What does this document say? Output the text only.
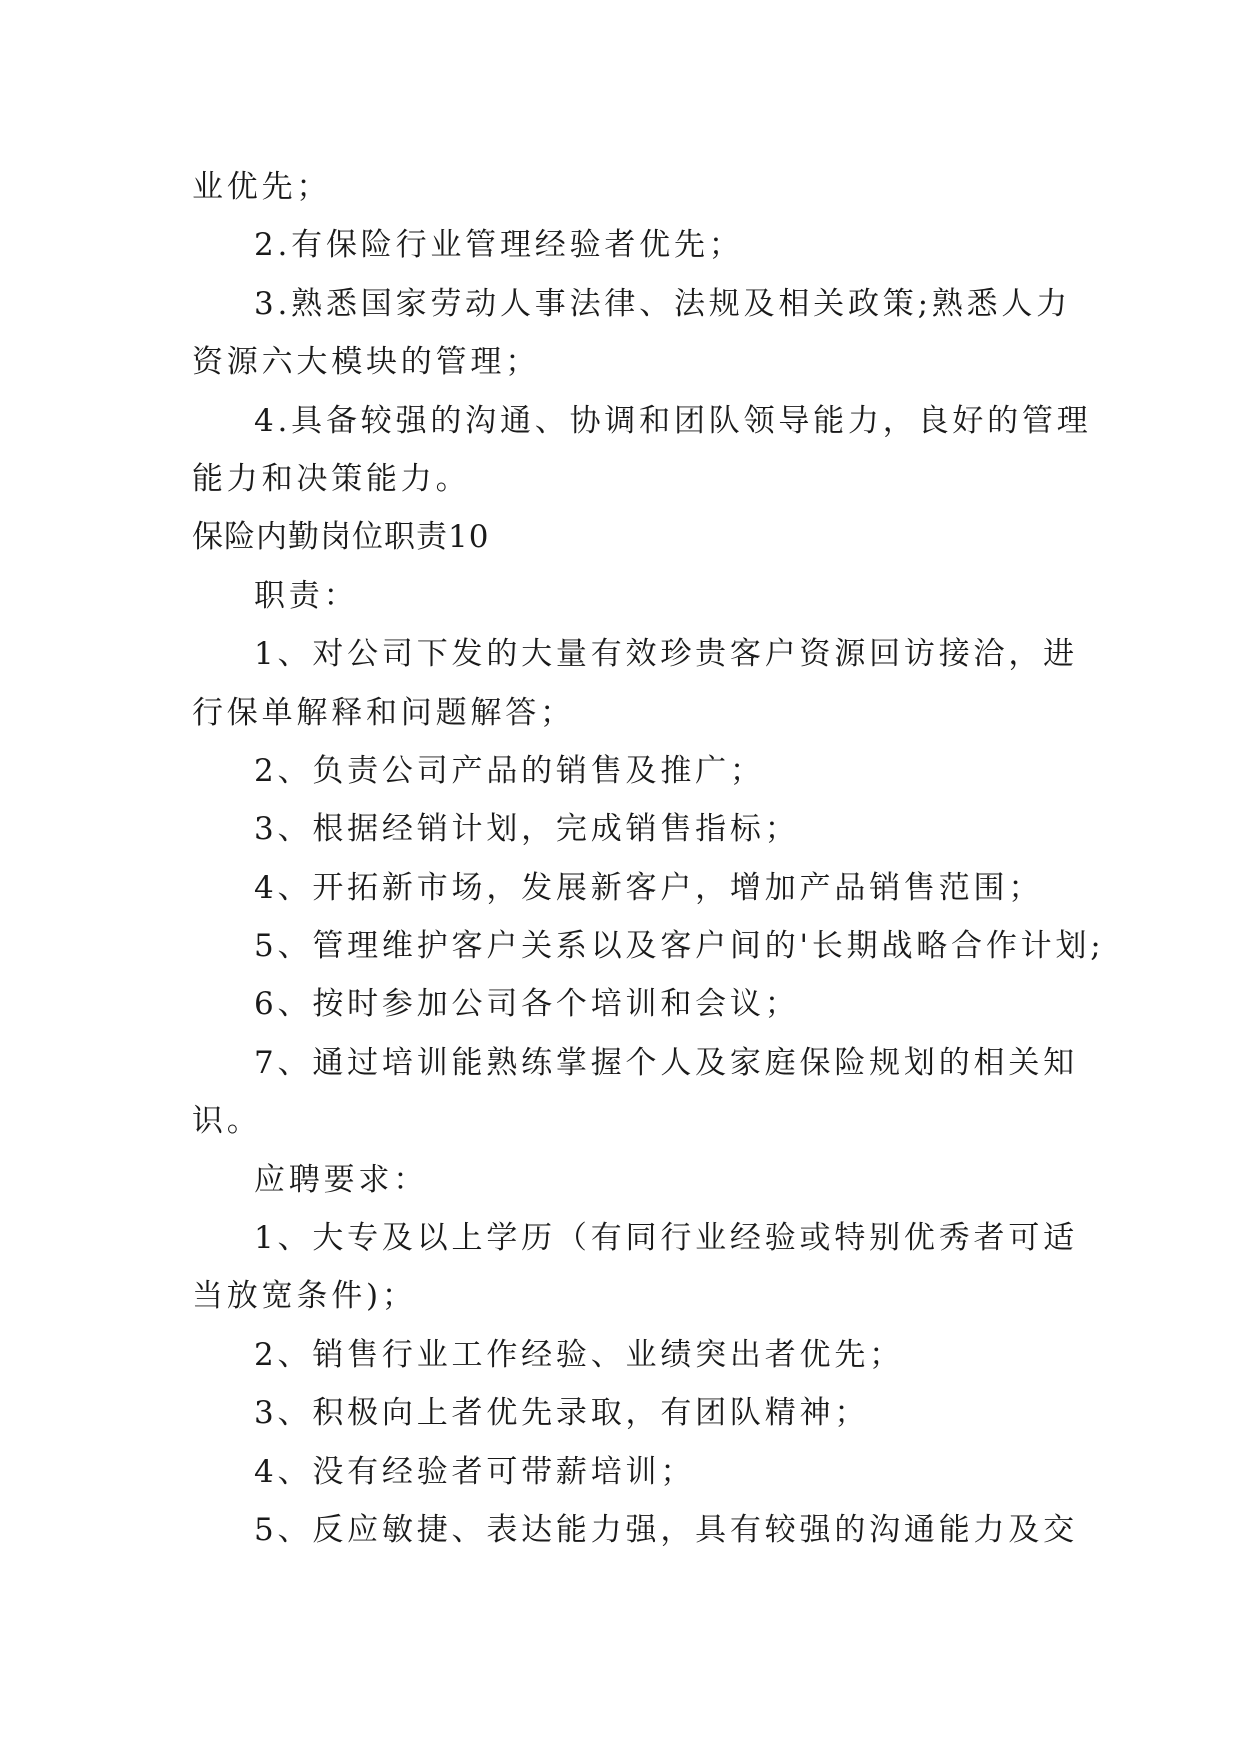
业优先；
2.有保险行业管理经验者优先；
3.熟悉国家劳动人事法律、法规及相关政策;熟悉人力
资源六大模块的管理；
4.具备较强的沟通、协调和团队领导能力，良好的管理
能力和决策能力。
保险内勤岗位职责10
职责：
1、对公司下发的大量有效珍贵客户资源回访接洽，进
行保单解释和问题解答；
2、负责公司产品的销售及推广；
3、根据经销计划，完成销售指标；
4、开拓新市场，发展新客户，增加产品销售范围；
5、管理维护客户关系以及客户间的'长期战略合作计划;
6、按时参加公司各个培训和会议；
7、通过培训能熟练掌握个人及家庭保险规划的相关知
识。
应聘要求：
1、大专及以上学历（有同行业经验或特别优秀者可适
当放宽条件)；
2、销售行业工作经验、业绩突出者优先；
3、积极向上者优先录取，有团队精神；
4、没有经验者可带薪培训；
5、反应敏捷、表达能力强，具有较强的沟通能力及交
